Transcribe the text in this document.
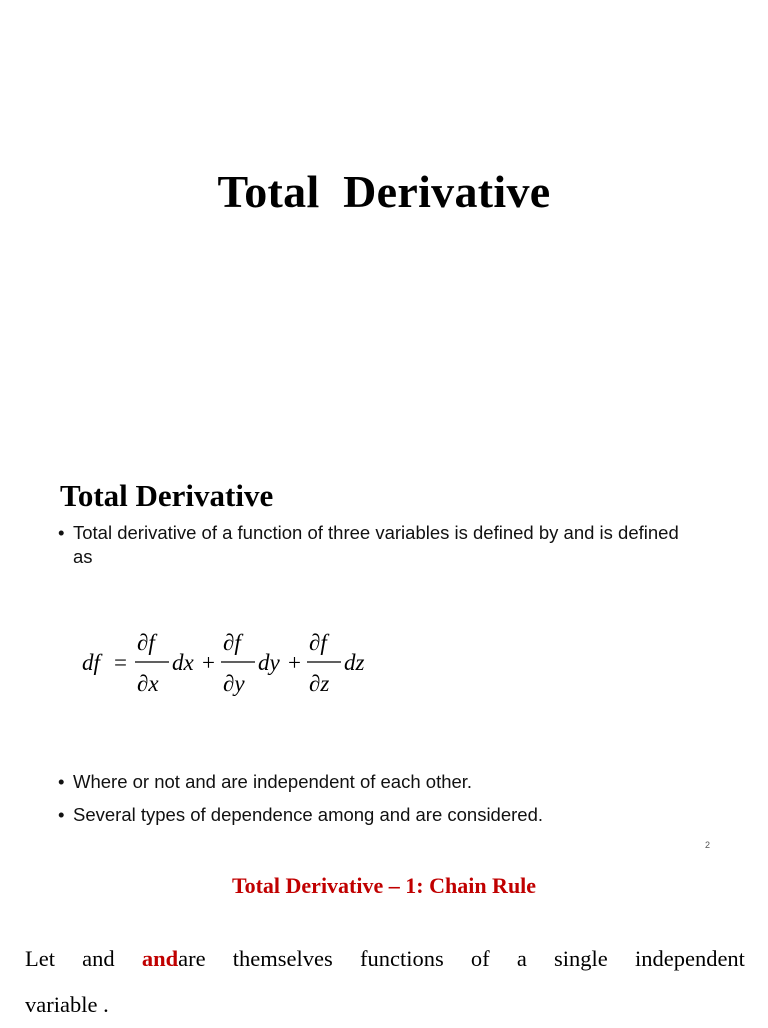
Total  Derivative
Total Derivative
• Total derivative of a function of three variables is defined by and is defined as
df =
∂f
∂x
dx +
∂f
∂y
dy +
∂f
∂z
dz
• Where or not and are independent of each other.
• Several types of dependence among and are considered.
2
Total Derivative – 1: Chain Rule
Let and andare themselves functions of a single independent
variable .
